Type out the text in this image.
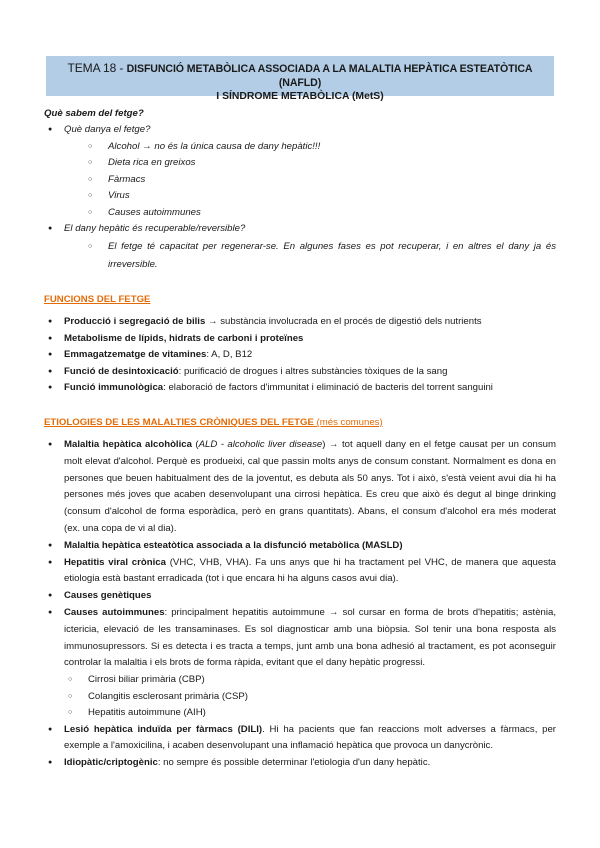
TEMA 18 - DISFUNCIÓ METABÒLICA ASSOCIADA A LA MALALTIA HEPÀTICA ESTEATÒTICA (NAFLD)
I SÍNDROME METABÒLICA (MetS)

Què sabem del fetge?

● Què danya el fetge?
○ Alcohol → no és la única causa de dany hepàtic!!!
○ Dieta rica en greixos
○ Fàrmacs
○ Virus
○ Causes autoimmunes
● El dany hepàtic és recuperable/reversible?
○ El fetge té capacitat per regenerar-se. En algunes fases es pot recuperar, i en altres el dany ja és irreversible.

FUNCIONS DEL FETGE

● Producció i segregació de bilis → substància involucrada en el procés de digestió dels nutrients
● Metabolisme de lípids, hidrats de carboni i proteïnes
● Emmagatzematge de vitamines: A, D, B12
● Funció de desintoxicació: purificació de drogues i altres substàncies tòxiques de la sang
● Funció immunològica: elaboració de factors d'immunitat i eliminació de bacteris del torrent sanguini

ETIOLOGIES DE LES MALALTIES CRÒNIQUES DEL FETGE (més comunes)

● Malaltia hepàtica alcohòlica (ALD - alcoholic liver disease) → tot aquell dany en el fetge causat per un consum molt elevat d'alcohol. Perquè es produeixi, cal que passin molts anys de consum constant. Normalment es dona en persones que beuen habitualment des de la joventut, es debuta als 50 anys. Tot i això, s'està veient avui dia hi ha persones més joves que acaben desenvolupant una cirrosi hepàtica. Es creu que això és degut al binge drinking (consum d'alcohol de forma esporàdica, però en grans quantitats). Abans, el consum d'alcohol era més moderat (ex. una copa de vi al dia).
● Malaltia hepàtica esteatòtica associada a la disfunció metabòlica (MASLD)
● Hepatitis viral crònica (VHC, VHB, VHA). Fa uns anys que hi ha tractament pel VHC, de manera que aquesta etiologia està bastant erradicada (tot i que encara hi ha alguns casos avui dia).
● Causes genètiques
● Causes autoimmunes: principalment hepatitis autoimmune → sol cursar en forma de brots d'hepatitis; astènia, ictericia, elevació de les transaminases. Es sol diagnosticar amb una biòpsia. Sol tenir una bona resposta als immunosupressors. Si es detecta i es tracta a temps, junt amb una bona adhesió al tractament, es pot aconseguir controlar la malaltia i els brots de forma ràpida, evitant que el dany hepàtic progressi.
○ Cirrosi biliar primària (CBP)
○ Colangitis esclerosant primària (CSP)
○ Hepatitis autoimmune (AIH)
● Lesió hepàtica induïda per fàrmacs (DILI). Hi ha pacients que fan reaccions molt adverses a fàrmacs, per exemple a l'amoxicilina, i acaben desenvolupant una inflamació hepàtica que provoca un danycrònic.
● Idiopàtic/criptogènic: no sempre és possible determinar l'etiologia d'un dany hepàtic.
